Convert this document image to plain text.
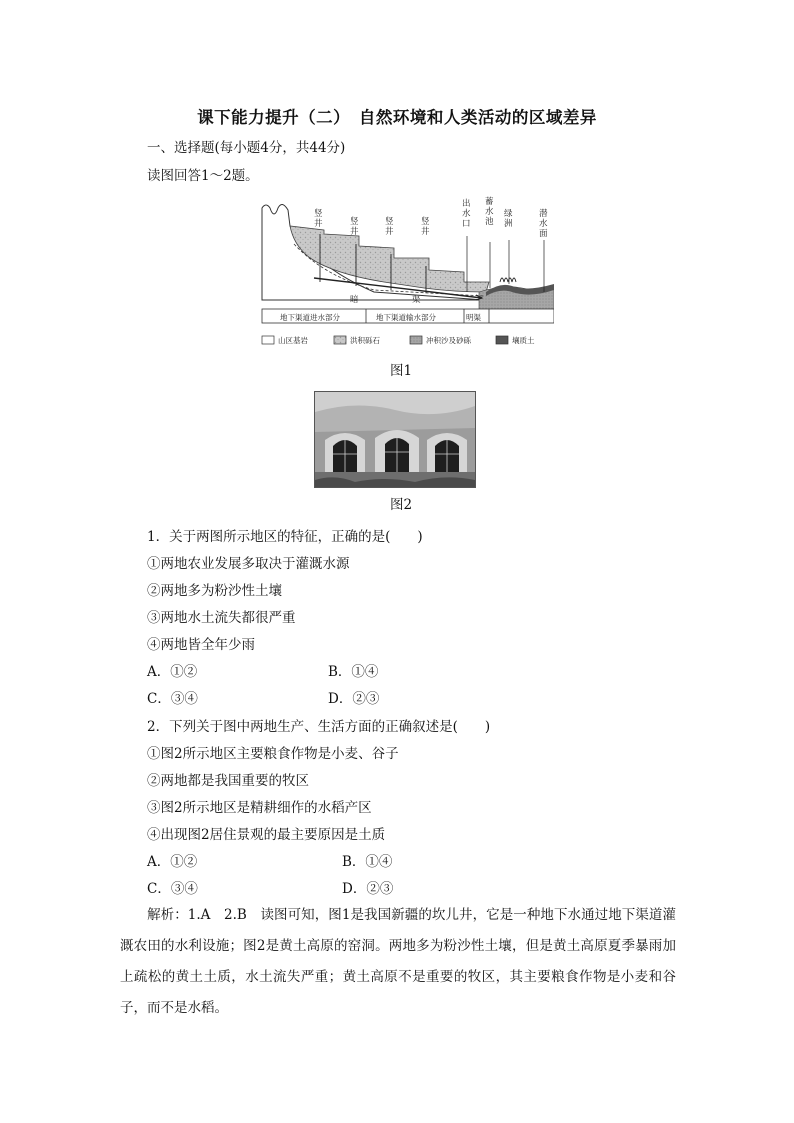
课下能力提升（二）　自然环境和人类活动的区域差异
一、选择题(每小题4分，共44分)
读图回答1～2题。
竖井	竖井
竖井
竖井
出水口
蓄水池
绿洲
潜水面
暗	渠
地下渠道进水部分	地下渠道输水部分	明渠
山区基岩	洪积砾石	冲积沙及砂砾	壤质土
图1
图2
1．关于两图所示地区的特征，正确的是(　　)
①两地农业发展多取决于灌溉水源
②两地多为粉沙性土壤
③两地水土流失都很严重
④两地皆全年少雨
A．①②	B．①④
C．③④	D．②③
2．下列关于图中两地生产、生活方面的正确叙述是(　　)
①图2所示地区主要粮食作物是小麦、谷子
②两地都是我国重要的牧区
③图2所示地区是精耕细作的水稻产区
④出现图2居住景观的最主要原因是土质
A．①②	B．①④
C．③④	D．②③
解析：1.A　2.B　读图可知，图1是我国新疆的坎儿井，它是一种地下水通过地下渠道灌溉农田的水利设施；图2是黄土高原的窑洞。两地多为粉沙性土壤，但是黄土高原夏季暴雨加上疏松的黄土土质，水土流失严重；黄土高原不是重要的牧区，其主要粮食作物是小麦和谷子，而不是水稻。
